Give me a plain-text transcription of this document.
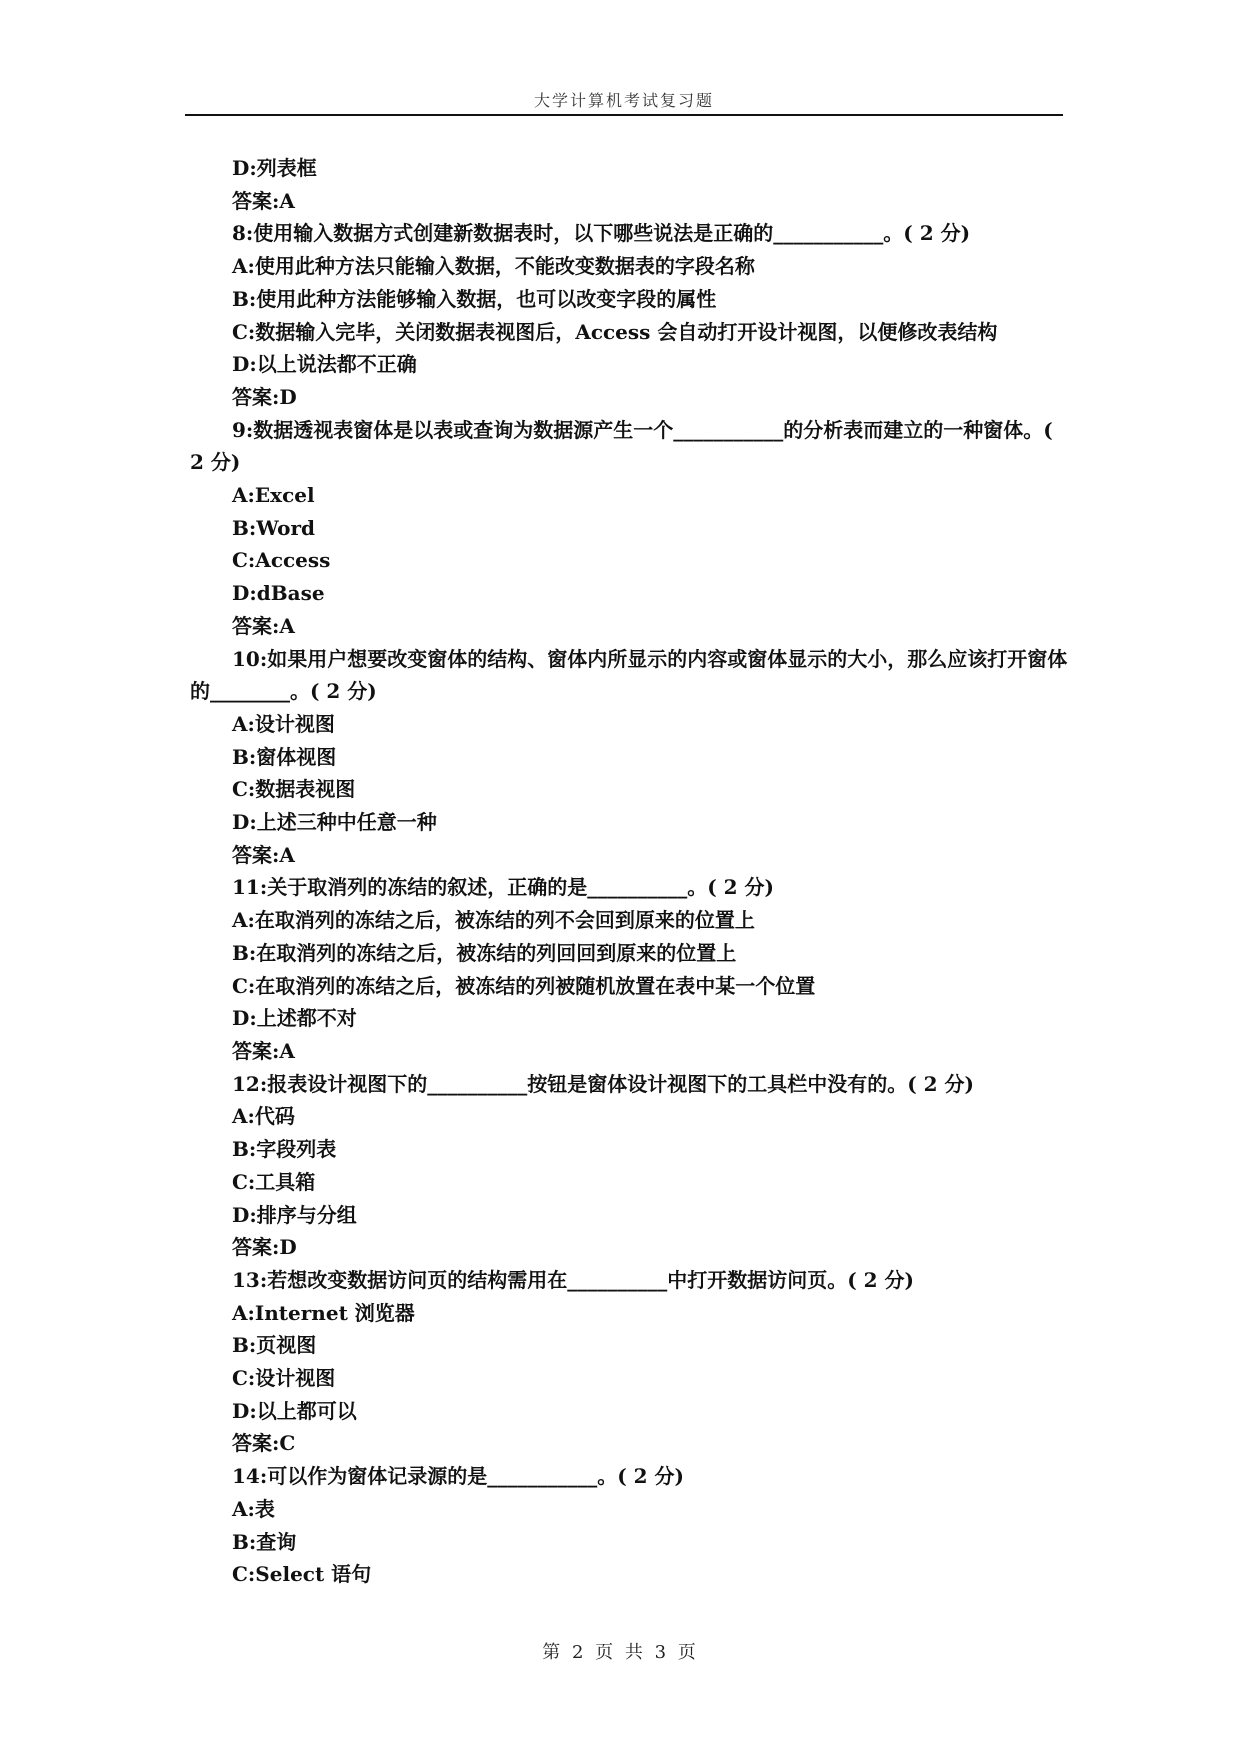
大学计算机考试复习题
D:列表框
答案:A
8:使用输入数据方式创建新数据表时，以下哪些说法是正确的___________。( 2 分)
A:使用此种方法只能输入数据，不能改变数据表的字段名称
B:使用此种方法能够输入数据，也可以改变字段的属性
C:数据输入完毕，关闭数据表视图后，Access 会自动打开设计视图，以便修改表结构
D:以上说法都不正确
答案:D
9:数据透视表窗体是以表或查询为数据源产生一个___________的分析表而建立的一种窗体。( 2 分)
A:Excel
B:Word
C:Access
D:dBase
答案:A
10:如果用户想要改变窗体的结构、窗体内所显示的内容或窗体显示的大小，那么应该打开窗体的________。( 2 分)
A:设计视图
B:窗体视图
C:数据表视图
D:上述三种中任意一种
答案:A
11:关于取消列的冻结的叙述，正确的是__________。( 2 分)
A:在取消列的冻结之后，被冻结的列不会回到原来的位置上
B:在取消列的冻结之后，被冻结的列回回到原来的位置上
C:在取消列的冻结之后，被冻结的列被随机放置在表中某一个位置
D:上述都不对
答案:A
12:报表设计视图下的__________按钮是窗体设计视图下的工具栏中没有的。( 2 分)
A:代码
B:字段列表
C:工具箱
D:排序与分组
答案:D
13:若想改变数据访问页的结构需用在__________中打开数据访问页。( 2 分)
A:Internet 浏览器
B:页视图
C:设计视图
D:以上都可以
答案:C
14:可以作为窗体记录源的是___________。( 2 分)
A:表
B:查询
C:Select 语句
第 2 页 共 3 页
